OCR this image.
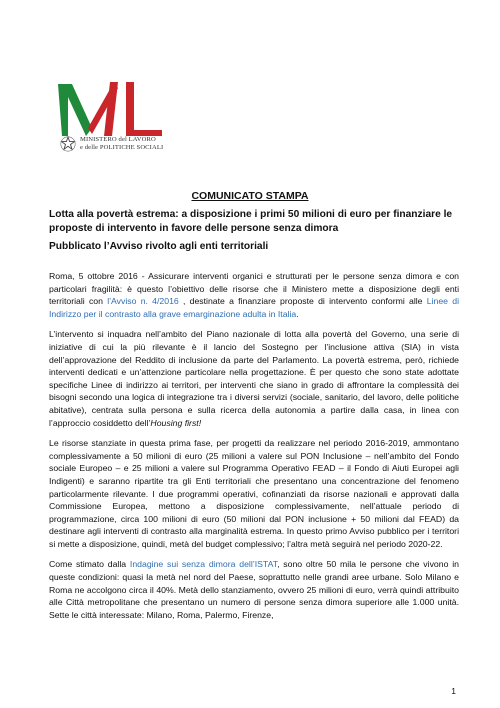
MINISTERO del LAVORO
e delle POLITICHE SOCIALI
COMUNICATO STAMPA
Lotta alla povertà estrema: a disposizione i primi 50 milioni di euro per finanziare le proposte di intervento in favore delle persone senza dimora
Pubblicato l’Avviso rivolto agli enti territoriali

Roma, 5 ottobre 2016 - Assicurare interventi organici e strutturati per le persone senza dimora e con particolari fragilità: è questo l’obiettivo delle risorse che il Ministero mette a disposizione degli enti territoriali con l’Avviso n. 4/2016 , destinate a finanziare proposte di intervento conformi alle Linee di Indirizzo per il contrasto alla grave emarginazione adulta in Italia.

L’intervento si inquadra nell’ambito del Piano nazionale di lotta alla povertà del Governo, una serie di iniziative di cui la più rilevante è il lancio del Sostegno per l’inclusione attiva (SIA) in vista dell’approvazione del Reddito di inclusione da parte del Parlamento. La povertà estrema, però, richiede interventi dedicati e un’attenzione particolare nella progettazione. È per questo che sono state adottate specifiche Linee di indirizzo ai territori, per interventi che siano in grado di affrontare la complessità dei bisogni secondo una logica di integrazione tra i diversi servizi (sociale, sanitario, del lavoro, delle politiche abitative), centrata sulla persona e sulla ricerca della autonomia a partire dalla casa, in linea con l’approccio cosiddetto dell’Housing first!

Le risorse stanziate in questa prima fase, per progetti da realizzare nel periodo 2016-2019, ammontano complessivamente a 50 milioni di euro (25 milioni a valere sul PON Inclusione – nell’ambito del Fondo sociale Europeo – e 25 milioni a valere sul Programma Operativo FEAD – il Fondo di Aiuti Europei agli Indigenti) e saranno ripartite tra gli Enti territoriali che presentano una concentrazione del fenomeno particolarmente rilevante. I due programmi operativi, cofinanziati da risorse nazionali e approvati dalla Commissione Europea, mettono a disposizione complessivamente, nell’attuale periodo di programmazione, circa 100 milioni di euro (50 milioni dal PON inclusione + 50 milioni dal FEAD) da destinare agli interventi di contrasto alla marginalità estrema. In questo primo Avviso pubblico per i territori si mette a disposizione, quindi, metà del budget complessivo; l’altra metà seguirà nel periodo 2020-22.

Come stimato dalla Indagine sui senza dimora dell’ISTAT, sono oltre 50 mila le persone che vivono in queste condizioni: quasi la metà nel nord del Paese, soprattutto nelle grandi aree urbane. Solo Milano e Roma ne accolgono circa il 40%. Metà dello stanziamento, ovvero 25 milioni di euro, verrà quindi attribuito alle Città metropolitane che presentano un numero di persone senza dimora superiore alle 1.000 unità. Sette le città interessate: Milano, Roma, Palermo, Firenze,

1
